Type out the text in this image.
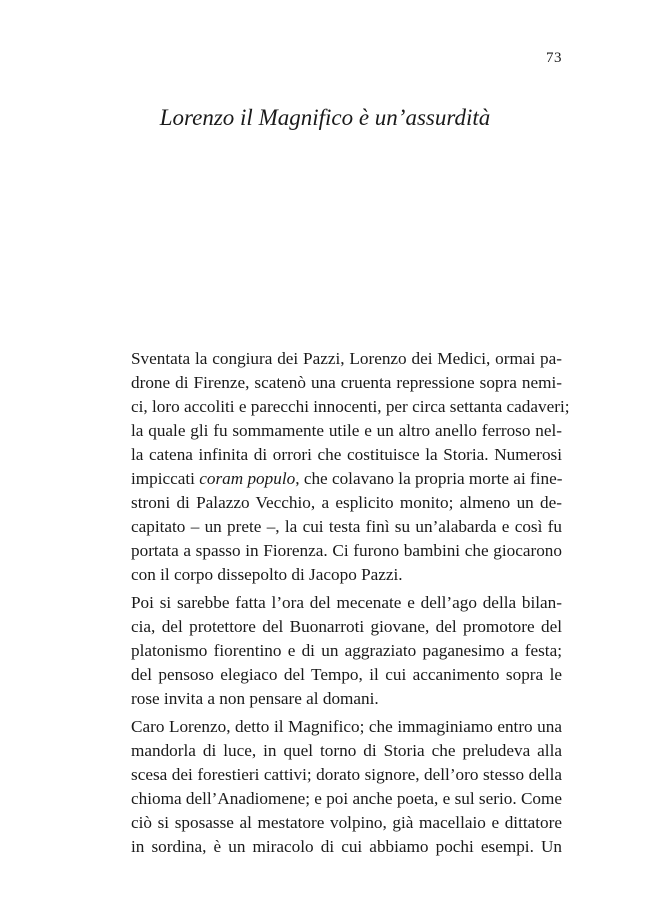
73
Lorenzo il Magnifico è un’assurdità
Sventata la congiura dei Pazzi, Lorenzo dei Medici, ormai pa-
drone di Firenze, scatenò una cruenta repressione sopra nemi-
ci, loro accoliti e parecchi innocenti, per circa settanta cadaveri;
la quale gli fu sommamente utile e un altro anello ferroso nel-
la catena infinita di orrori che costituisce la Storia. Numerosi
impiccati coram populo, che colavano la propria morte ai fine-
stroni di Palazzo Vecchio, a esplicito monito; almeno un de-
capitato – un prete –, la cui testa finì su un’alabarda e così fu
portata a spasso in Fiorenza. Ci furono bambini che giocarono
con il corpo dissepolto di Jacopo Pazzi.
Poi si sarebbe fatta l’ora del mecenate e dell’ago della bilan-
cia, del protettore del Buonarroti giovane, del promotore del
platonismo fiorentino e di un aggraziato paganesimo a festa;
del pensoso elegiaco del Tempo, il cui accanimento sopra le
rose invita a non pensare al domani.
Caro Lorenzo, detto il Magnifico; che immaginiamo entro una
mandorla di luce, in quel torno di Storia che preludeva alla
scesa dei forestieri cattivi; dorato signore, dell’oro stesso della
chioma dell’Anadiomene; e poi anche poeta, e sul serio. Come
ciò si sposasse al mestatore volpino, già macellaio e dittatore
in sordina, è un miracolo di cui abbiamo pochi esempi. Un
